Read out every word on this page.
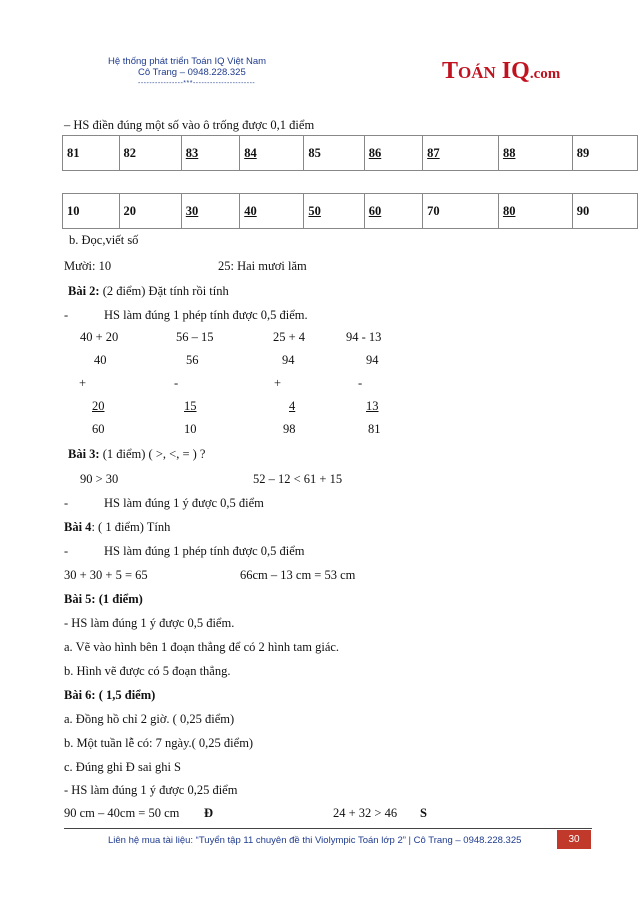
Hệ thống phát triển Toán IQ Việt Nam
Cô Trang – 0948.228.325
----------------***----------------------	TOÁN IQ.com
– HS điền đúng một số vào ô trống được 0,1 điểm
81	82	83	84	85	86	87	88	89
10	20	30	40	50	60	70	80	90
b. Đọc,viết số
Mười: 10	25: Hai mươi lăm
Bài 2: (2 điểm) Đặt tính rồi tính
-	HS làm đúng 1 phép tính được 0,5 điểm.
40 + 20	56 – 15	25 + 4	94 - 13
40	56	94	94
+	-	+	-
20	15	4	13
60	10	98	81
Bài 3: (1 điểm) ( >, <, = ) ?
90 > 30	52 – 12 < 61 + 15
-	HS làm đúng 1 ý được 0,5 điểm
Bài 4: ( 1 điểm) Tính
-	HS làm đúng 1 phép tính được 0,5 điểm
30 + 30 + 5 = 65	66cm – 13 cm = 53 cm
Bài 5: (1 điểm)
- HS làm đúng 1 ý được 0,5 điểm.
a. Vẽ vào hình bên 1 đoạn thẳng để có 2 hình tam giác.
b. Hình vẽ được có 5 đoạn thẳng.
Bài 6: ( 1,5 điểm)
a. Đồng hồ chỉ 2 giờ. ( 0,25 điểm)
b. Một tuần lễ có: 7 ngày.( 0,25 điểm)
c. Đúng ghi Đ sai ghi S
- HS làm đúng 1 ý được 0,25 điểm
90 cm – 40cm = 50 cm Đ	24 + 32 > 46 S
Liên hệ mua tài liệu: “Tuyển tập 11 chuyên đề thi Violympic Toán lớp 2” | Cô Trang – 0948.228.325	30
